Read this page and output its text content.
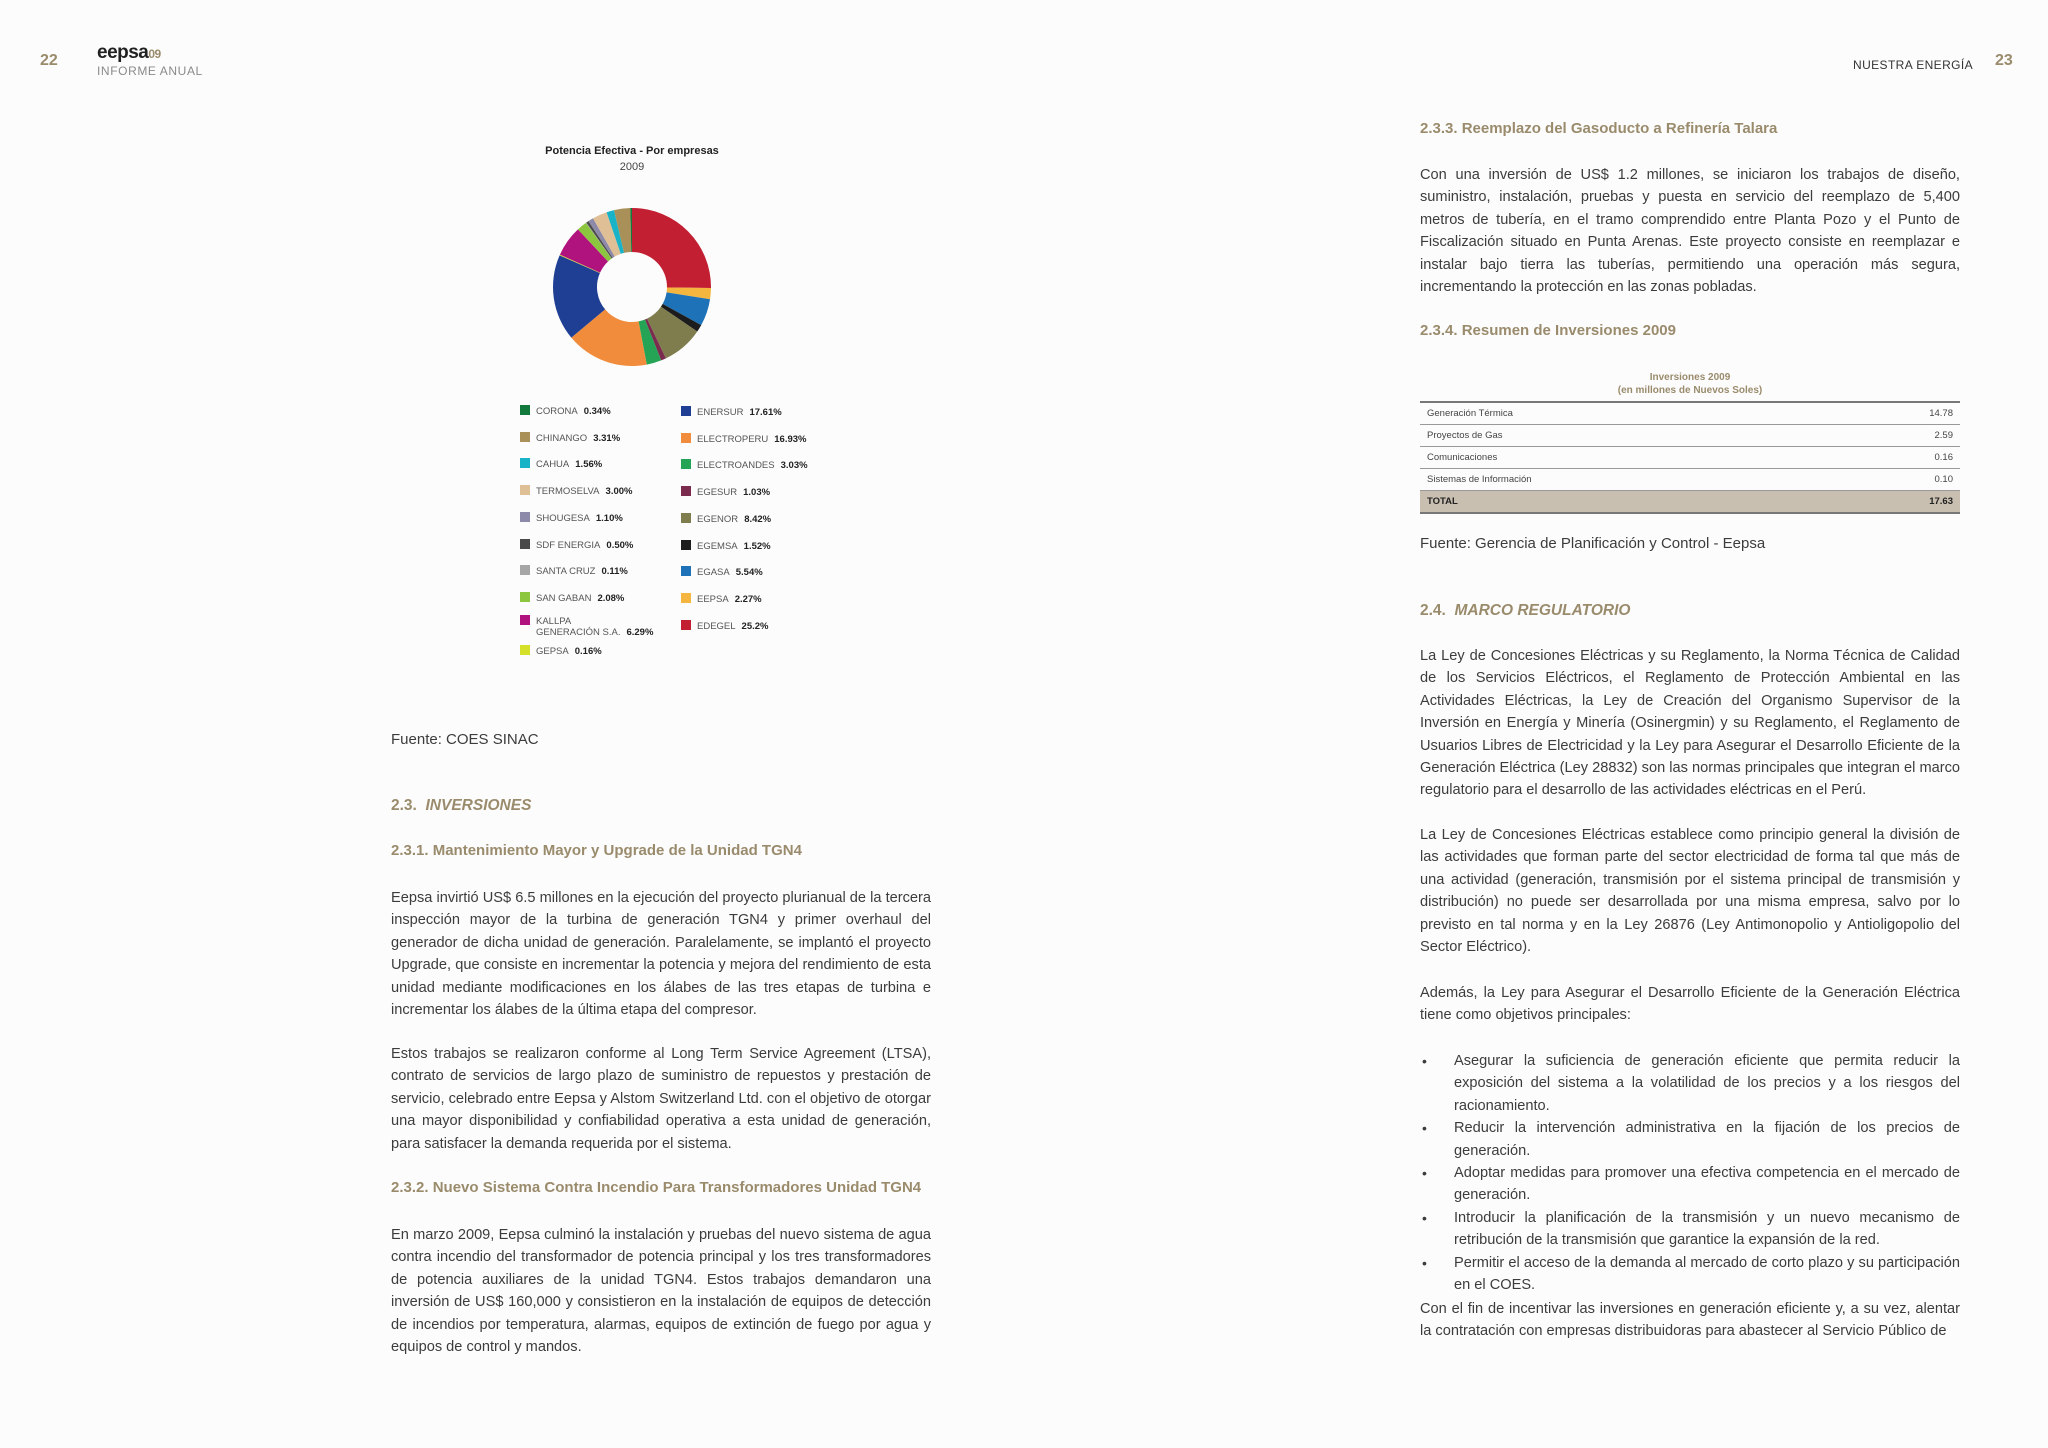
22 eepsa09
INFORME ANUAL	NUESTRA ENERGÍA 23
Potencia Efectiva - Por empresas
2009
CORONA 0.34%
CHINANGO 3.31%
CAHUA 1.56%
TERMOSELVA 3.00%
SHOUGESA 1.10%
SDF ENERGIA 0.50%
SANTA CRUZ 0.11%
SAN GABAN 2.08%
KALLPA
GENERACIÓN S.A. 6.29%
GEPSA 0.16%
ENERSUR 17.61%
ELECTROPERU 16.93%
ELECTROANDES 3.03%
EGESUR 1.03%
EGENOR 8.42%
EGEMSA 1.52%
EGASA 5.54%
EEPSA 2.27%
EDEGEL 25.2%
Fuente: COES SINAC

2.3. INVERSIONES

2.3.1. Mantenimiento Mayor y Upgrade de la Unidad TGN4

Eepsa invirtió US$ 6.5 millones en la ejecución del proyecto plurianual de la tercera inspección mayor de la turbina de generación TGN4 y primer overhaul del generador de dicha unidad de generación. Paralelamente, se implantó el proyecto Upgrade, que consiste en incrementar la potencia y mejora del rendimiento de esta unidad mediante modificaciones en los álabes de las tres etapas de turbina e incrementar los álabes de la última etapa del compresor.

Estos trabajos se realizaron conforme al Long Term Service Agreement (LTSA), contrato de servicios de largo plazo de suministro de repuestos y prestación de servicio, celebrado entre Eepsa y Alstom Switzerland Ltd. con el objetivo de otorgar una mayor disponibilidad y confiabilidad operativa a esta unidad de generación, para satisfacer la demanda requerida por el sistema.

2.3.2. Nuevo Sistema Contra Incendio Para Transformadores Unidad TGN4

En marzo 2009, Eepsa culminó la instalación y pruebas del nuevo sistema de agua contra incendio del transformador de potencia principal y los tres transformadores de potencia auxiliares de la unidad TGN4. Estos trabajos demandaron una inversión de US$ 160,000 y consistieron en la instalación de equipos de detección de incendios por temperatura, alarmas, equipos de extinción de fuego por agua y equipos de control y mandos.

2.3.3. Reemplazo del Gasoducto a Refinería Talara

Con una inversión de US$ 1.2 millones, se iniciaron los trabajos de diseño, suministro, instalación, pruebas y puesta en servicio del reemplazo de 5,400 metros de tubería, en el tramo comprendido entre Planta Pozo y el Punto de Fiscalización situado en Punta Arenas. Este proyecto consiste en reemplazar e instalar bajo tierra las tuberías, permitiendo una operación más segura, incrementando la protección en las zonas pobladas.

2.3.4. Resumen de Inversiones 2009

Inversiones 2009
(en millones de Nuevos Soles)
Generación Térmica	14.78
Proyectos de Gas	2.59
Comunicaciones	0.16
Sistemas de Información	0.10
TOTAL	17.63
Fuente: Gerencia de Planificación y Control - Eepsa

2.4. MARCO REGULATORIO

La Ley de Concesiones Eléctricas y su Reglamento, la Norma Técnica de Calidad de los Servicios Eléctricos, el Reglamento de Protección Ambiental en las Actividades Eléctricas, la Ley de Creación del Organismo Supervisor de la Inversión en Energía y Minería (Osinergmin) y su Reglamento, el Reglamento de Usuarios Libres de Electricidad y la Ley para Asegurar el Desarrollo Eficiente de la Generación Eléctrica (Ley 28832) son las normas principales que integran el marco regulatorio para el desarrollo de las actividades eléctricas en el Perú.

La Ley de Concesiones Eléctricas establece como principio general la división de las actividades que forman parte del sector electricidad de forma tal que más de una actividad (generación, transmisión por el sistema principal de transmisión y distribución) no puede ser desarrollada por una misma empresa, salvo por lo previsto en tal norma y en la Ley 26876 (Ley Antimonopolio y Antioligopolio del Sector Eléctrico).

Además, la Ley para Asegurar el Desarrollo Eficiente de la Generación Eléctrica tiene como objetivos principales:

• Asegurar la suficiencia de generación eficiente que permita reducir la exposición del sistema a la volatilidad de los precios y a los riesgos del racionamiento.
• Reducir la intervención administrativa en la fijación de los precios de generación.
• Adoptar medidas para promover una efectiva competencia en el mercado de generación.
• Introducir la planificación de la transmisión y un nuevo mecanismo de retribución de la transmisión que garantice la expansión de la red.
• Permitir el acceso de la demanda al mercado de corto plazo y su participación en el COES.

Con el fin de incentivar las inversiones en generación eficiente y, a su vez, alentar la contratación con empresas distribuidoras para abastecer al Servicio Público de
